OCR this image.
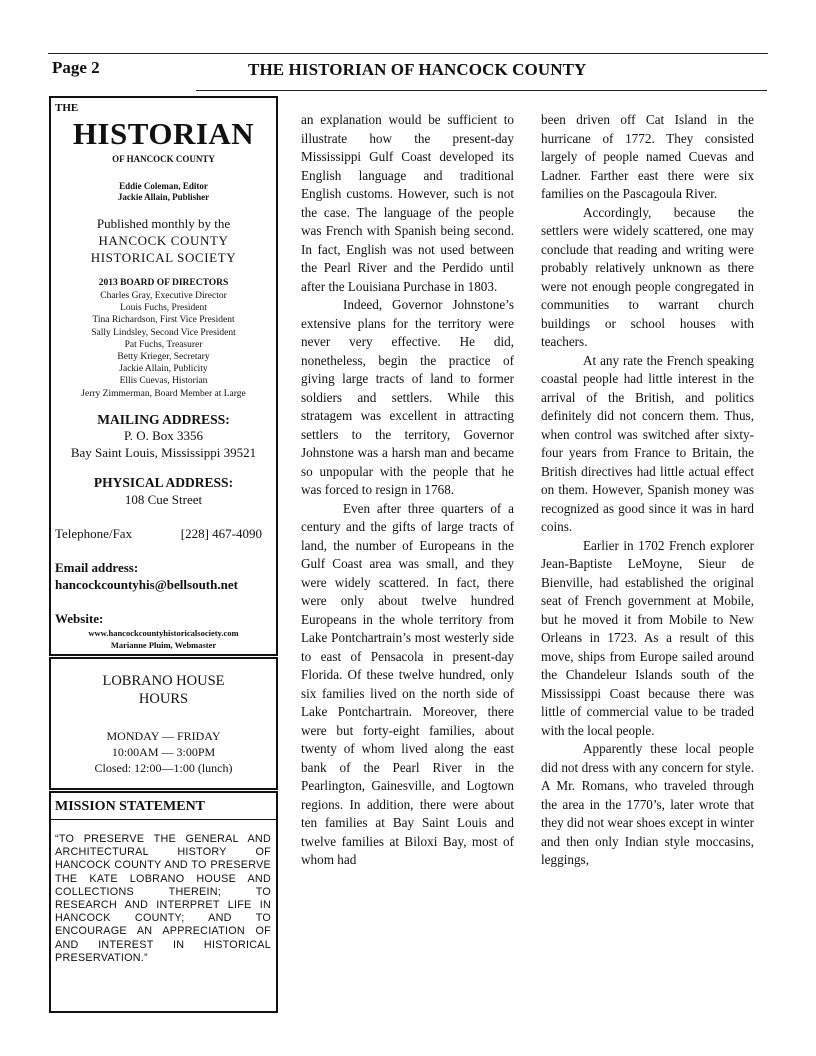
Page 2	THE HISTORIAN OF HANCOCK COUNTY
THE
HISTORIAN
OF HANCOCK COUNTY
Eddie Coleman, Editor
Jackie Allain, Publisher
Published monthly by the
HANCOCK COUNTY
HISTORICAL SOCIETY
2013 BOARD OF DIRECTORS
Charles Gray, Executive Director
Louis Fuchs, President
Tina Richardson, First Vice President
Sally Lindsley, Second Vice President
Pat Fuchs, Treasurer
Betty Krieger, Secretary
Jackie Allain, Publicity
Ellis Cuevas, Historian
Jerry Zimmerman, Board Member at Large
MAILING ADDRESS:
P. O. Box 3356
Bay Saint Louis, Mississippi 39521
PHYSICAL ADDRESS:
108 Cue Street
Telephone/Fax	[228] 467-4090
Email address:
hancockcountyhis@bellsouth.net
Website:
www.hancockcountyhistoricalsociety.com
Marianne Pluim, Webmaster
LOBRANO HOUSE
HOURS
MONDAY — FRIDAY
10:00AM — 3:00PM
Closed: 12:00—1:00 (lunch)
MISSION STATEMENT

“TO PRESERVE THE GENERAL AND ARCHITECTURAL HISTORY OF HANCOCK COUNTY AND TO PRESERVE THE KATE LOBRANO HOUSE AND COLLECTIONS THEREIN; TO RESEARCH AND INTERPRET LIFE IN HANCOCK COUNTY; AND TO ENCOURAGE AN APPRECIATION OF AND INTEREST IN HISTORICAL PRESERVATION.”

an explanation would be sufficient to illustrate how the present-day Mississippi Gulf Coast developed its English language and traditional English customs. However, such is not the case. The language of the people was French with Spanish being second. In fact, English was not used between the Pearl River and the Perdido until after the Louisiana Purchase in 1803.

Indeed, Governor Johnstone’s extensive plans for the territory were never very effective. He did, nonetheless, begin the practice of giving large tracts of land to former soldiers and settlers. While this stratagem was excellent in attracting settlers to the territory, Governor Johnstone was a harsh man and became so unpopular with the people that he was forced to resign in 1768.

Even after three quarters of a century and the gifts of large tracts of land, the number of Europeans in the Gulf Coast area was small, and they were widely scattered. In fact, there were only about twelve hundred Europeans in the whole territory from Lake Pontchartrain’s most westerly side to east of Pensacola in present-day Florida. Of these twelve hundred, only six families lived on the north side of Lake Pontchartrain. Moreover, there were but forty-eight families, about twenty of whom lived along the east bank of the Pearl River in the Pearlington, Gainesville, and Logtown regions. In addition, there were about ten families at Bay Saint Louis and twelve families at Biloxi Bay, most of whom had

been driven off Cat Island in the hurricane of 1772. They consisted largely of people named Cuevas and Ladner. Farther east there were six families on the Pascagoula River.

Accordingly, because the settlers were widely scattered, one may conclude that reading and writing were probably relatively unknown as there were not enough people congregated in communities to warrant church buildings or school houses with teachers.

At any rate the French speaking coastal people had little interest in the arrival of the British, and politics definitely did not concern them. Thus, when control was switched after sixty-four years from France to Britain, the British directives had little actual effect on them. However, Spanish money was recognized as good since it was in hard coins.

Earlier in 1702 French explorer Jean-Baptiste LeMoyne, Sieur de Bienville, had established the original seat of French government at Mobile, but he moved it from Mobile to New Orleans in 1723. As a result of this move, ships from Europe sailed around the Chandeleur Islands south of the Mississippi Coast because there was little of commercial value to be traded with the local people.

Apparently these local people did not dress with any concern for style. A Mr. Romans, who traveled through the area in the 1770’s, later wrote that they did not wear shoes except in winter and then only Indian style moccasins, leggings,
